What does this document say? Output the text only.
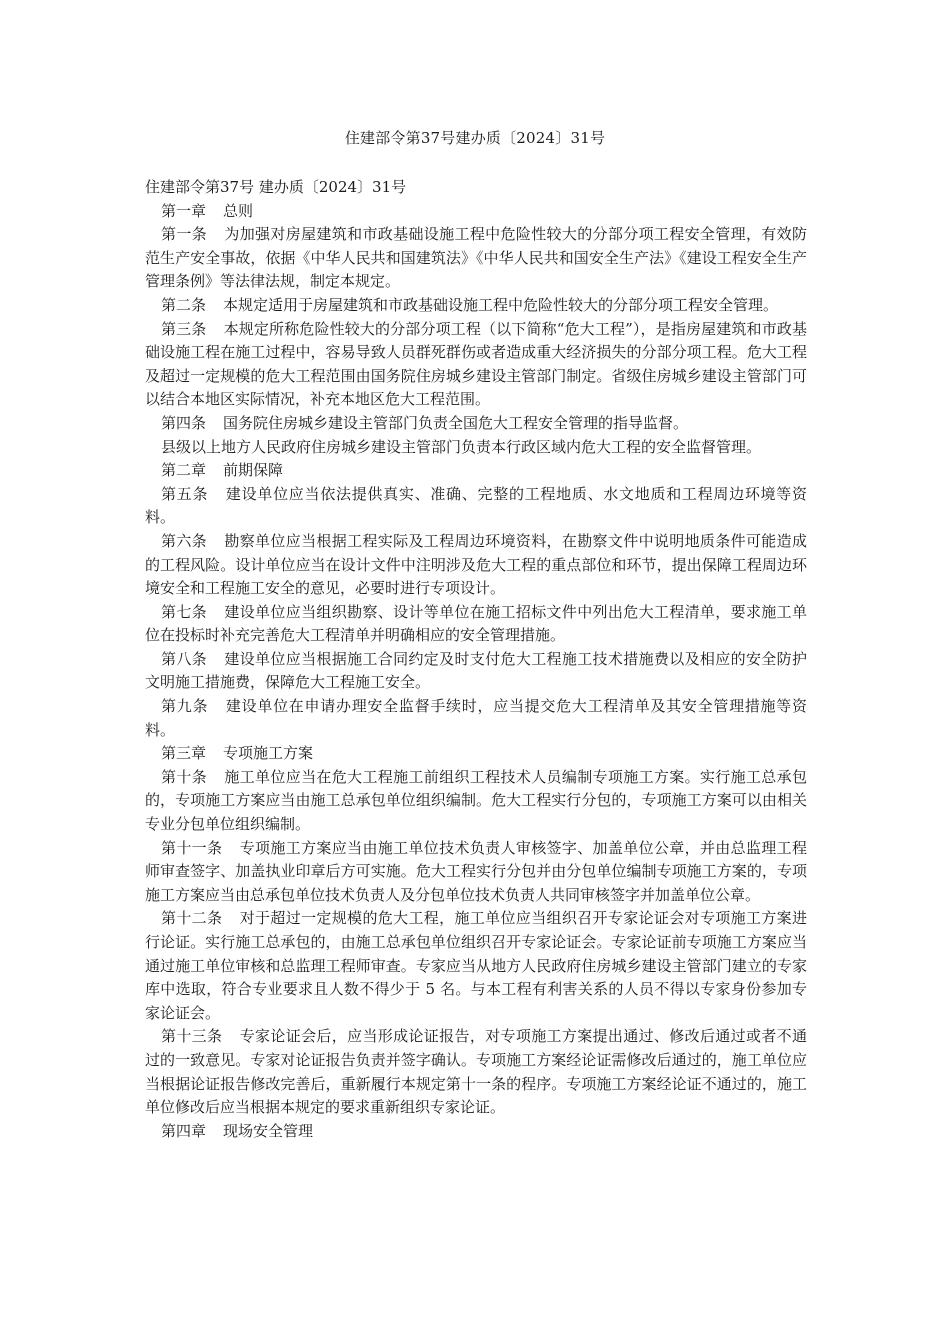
住建部令第37号建办质〔2024〕31号

住建部令第37号 建办质〔2024〕31号

第一章 总则

第一条 为加强对房屋建筑和市政基础设施工程中危险性较大的分部分项工程安全管理，有效防范生产安全事故，依据《中华人民共和国建筑法》《中华人民共和国安全生产法》《建设工程安全生产管理条例》等法律法规，制定本规定。

第二条 本规定适用于房屋建筑和市政基础设施工程中危险性较大的分部分项工程安全管理。

第三条 本规定所称危险性较大的分部分项工程（以下简称“危大工程”），是指房屋建筑和市政基础设施工程在施工过程中，容易导致人员群死群伤或者造成重大经济损失的分部分项工程。危大工程及超过一定规模的危大工程范围由国务院住房城乡建设主管部门制定。省级住房城乡建设主管部门可以结合本地区实际情况，补充本地区危大工程范围。

第四条 国务院住房城乡建设主管部门负责全国危大工程安全管理的指导监督。

县级以上地方人民政府住房城乡建设主管部门负责本行政区域内危大工程的安全监督管理。

第二章 前期保障

第五条 建设单位应当依法提供真实、准确、完整的工程地质、水文地质和工程周边环境等资料。

第六条 勘察单位应当根据工程实际及工程周边环境资料，在勘察文件中说明地质条件可能造成的工程风险。设计单位应当在设计文件中注明涉及危大工程的重点部位和环节，提出保障工程周边环境安全和工程施工安全的意见，必要时进行专项设计。

第七条 建设单位应当组织勘察、设计等单位在施工招标文件中列出危大工程清单，要求施工单位在投标时补充完善危大工程清单并明确相应的安全管理措施。

第八条 建设单位应当根据施工合同约定及时支付危大工程施工技术措施费以及相应的安全防护文明施工措施费，保障危大工程施工安全。

第九条 建设单位在申请办理安全监督手续时，应当提交危大工程清单及其安全管理措施等资料。

第三章 专项施工方案

第十条 施工单位应当在危大工程施工前组织工程技术人员编制专项施工方案。实行施工总承包的，专项施工方案应当由施工总承包单位组织编制。危大工程实行分包的，专项施工方案可以由相关专业分包单位组织编制。

第十一条 专项施工方案应当由施工单位技术负责人审核签字、加盖单位公章，并由总监理工程师审查签字、加盖执业印章后方可实施。危大工程实行分包并由分包单位编制专项施工方案的，专项施工方案应当由总承包单位技术负责人及分包单位技术负责人共同审核签字并加盖单位公章。

第十二条 对于超过一定规模的危大工程，施工单位应当组织召开专家论证会对专项施工方案进行论证。实行施工总承包的，由施工总承包单位组织召开专家论证会。专家论证前专项施工方案应当通过施工单位审核和总监理工程师审查。专家应当从地方人民政府住房城乡建设主管部门建立的专家库中选取，符合专业要求且人数不得少于 5 名。与本工程有利害关系的人员不得以专家身份参加专家论证会。

第十三条 专家论证会后，应当形成论证报告，对专项施工方案提出通过、修改后通过或者不通过的一致意见。专家对论证报告负责并签字确认。专项施工方案经论证需修改后通过的，施工单位应当根据论证报告修改完善后，重新履行本规定第十一条的程序。专项施工方案经论证不通过的，施工单位修改后应当根据本规定的要求重新组织专家论证。

第四章 现场安全管理
